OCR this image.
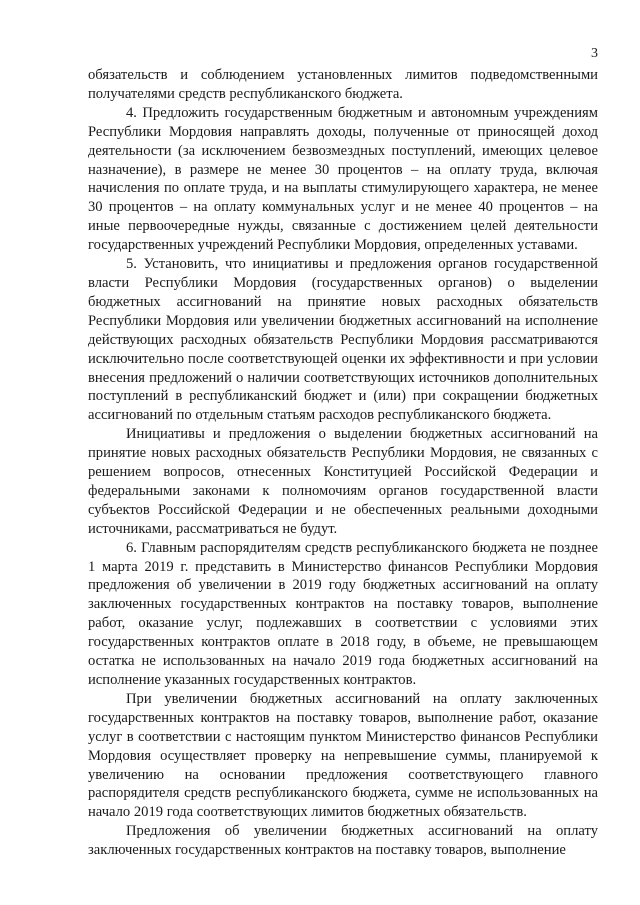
3

обязательств и соблюдением установленных лимитов подведомственными получателями средств республиканского бюджета.

4. Предложить государственным бюджетным и автономным учреждениям Республики Мордовия направлять доходы, полученные от приносящей доход деятельности (за исключением безвозмездных поступлений, имеющих целевое назначение), в размере не менее 30 процентов – на оплату труда, включая начисления по оплате труда, и на выплаты стимулирующего характера, не менее 30 процентов – на оплату коммунальных услуг и не менее 40 процентов – на иные первоочередные нужды, связанные с достижением целей деятельности государственных учреждений Республики Мордовия, определенных уставами.

5. Установить, что инициативы и предложения органов государственной власти Республики Мордовия (государственных органов) о выделении бюджетных ассигнований на принятие новых расходных обязательств Республики Мордовия или увеличении бюджетных ассигнований на исполнение действующих расходных обязательств Республики Мордовия рассматриваются исключительно после соответствующей оценки их эффективности и при условии внесения предложений о наличии соответствующих источников дополнительных поступлений в республиканский бюджет и (или) при сокращении бюджетных ассигнований по отдельным статьям расходов республиканского бюджета.

Инициативы и предложения о выделении бюджетных ассигнований на принятие новых расходных обязательств Республики Мордовия, не связанных с решением вопросов, отнесенных Конституцией Российской Федерации и федеральными законами к полномочиям органов государственной власти субъектов Российской Федерации и не обеспеченных реальными доходными источниками, рассматриваться не будут.

6. Главным распорядителям средств республиканского бюджета не позднее 1 марта 2019 г. представить в Министерство финансов Республики Мордовия предложения об увеличении в 2019 году бюджетных ассигнований на оплату заключенных государственных контрактов на поставку товаров, выполнение работ, оказание услуг, подлежавших в соответствии с условиями этих государственных контрактов оплате в 2018 году, в объеме, не превышающем остатка не использованных на начало 2019 года бюджетных ассигнований на исполнение указанных государственных контрактов.

При увеличении бюджетных ассигнований на оплату заключенных государственных контрактов на поставку товаров, выполнение работ, оказание услуг в соответствии с настоящим пунктом Министерство финансов Республики Мордовия осуществляет проверку на непревышение суммы, планируемой к увеличению на основании предложения соответствующего главного распорядителя средств республиканского бюджета, сумме не использованных на начало 2019 года соответствующих лимитов бюджетных обязательств.

Предложения об увеличении бюджетных ассигнований на оплату заключенных государственных контрактов на поставку товаров, выполнение
